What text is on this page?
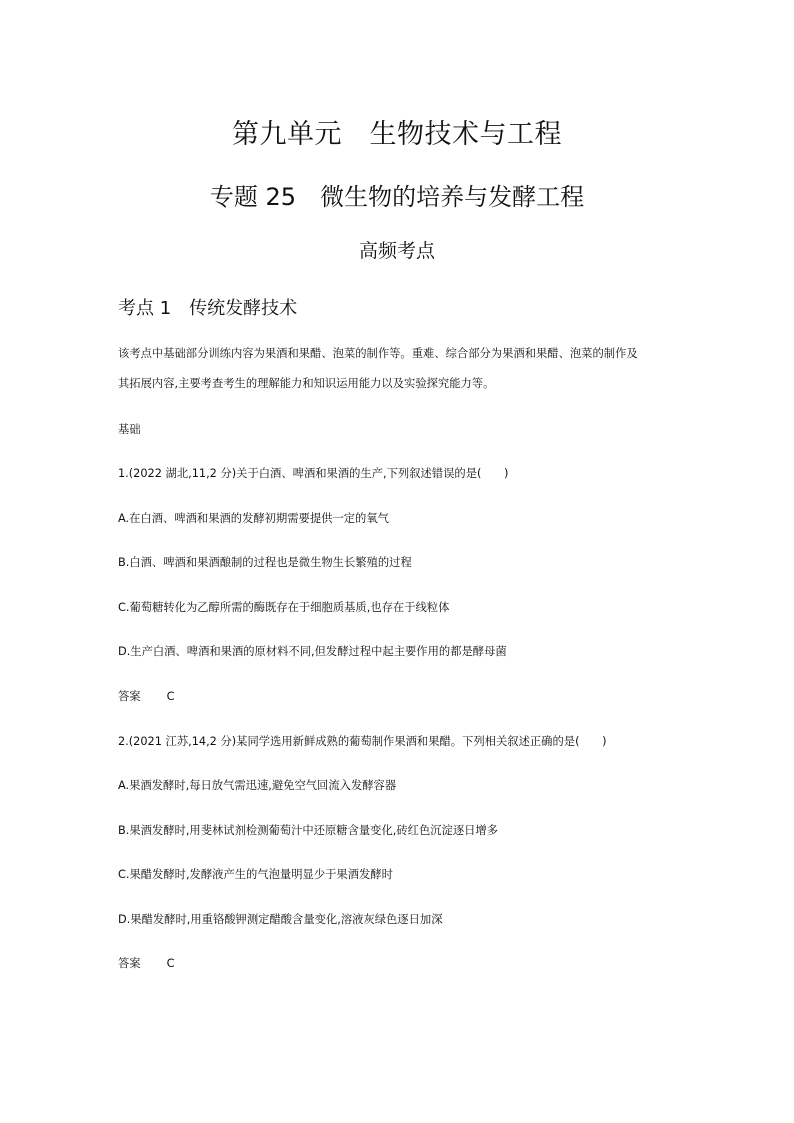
第九单元　生物技术与工程
专题 25　微生物的培养与发酵工程
高频考点
考点 1　传统发酵技术
该考点中基础部分训练内容为果酒和果醋、泡菜的制作等。重难、综合部分为果酒和果醋、泡菜的制作及
其拓展内容,主要考查考生的理解能力和知识运用能力以及实验探究能力等。
基础
1.(2022 湖北,11,2 分)关于白酒、啤酒和果酒的生产,下列叙述错误的是(　　)
A.在白酒、啤酒和果酒的发酵初期需要提供一定的氧气
B.白酒、啤酒和果酒酿制的过程也是微生物生长繁殖的过程
C.葡萄糖转化为乙醇所需的酶既存在于细胞质基质,也存在于线粒体
D.生产白酒、啤酒和果酒的原材料不同,但发酵过程中起主要作用的都是酵母菌
答案 C
2.(2021 江苏,14,2 分)某同学选用新鲜成熟的葡萄制作果酒和果醋。下列相关叙述正确的是(　　)
A.果酒发酵时,每日放气需迅速,避免空气回流入发酵容器
B.果酒发酵时,用斐林试剂检测葡萄汁中还原糖含量变化,砖红色沉淀逐日增多
C.果醋发酵时,发酵液产生的气泡量明显少于果酒发酵时
D.果醋发酵时,用重铬酸钾测定醋酸含量变化,溶液灰绿色逐日加深
答案 C
